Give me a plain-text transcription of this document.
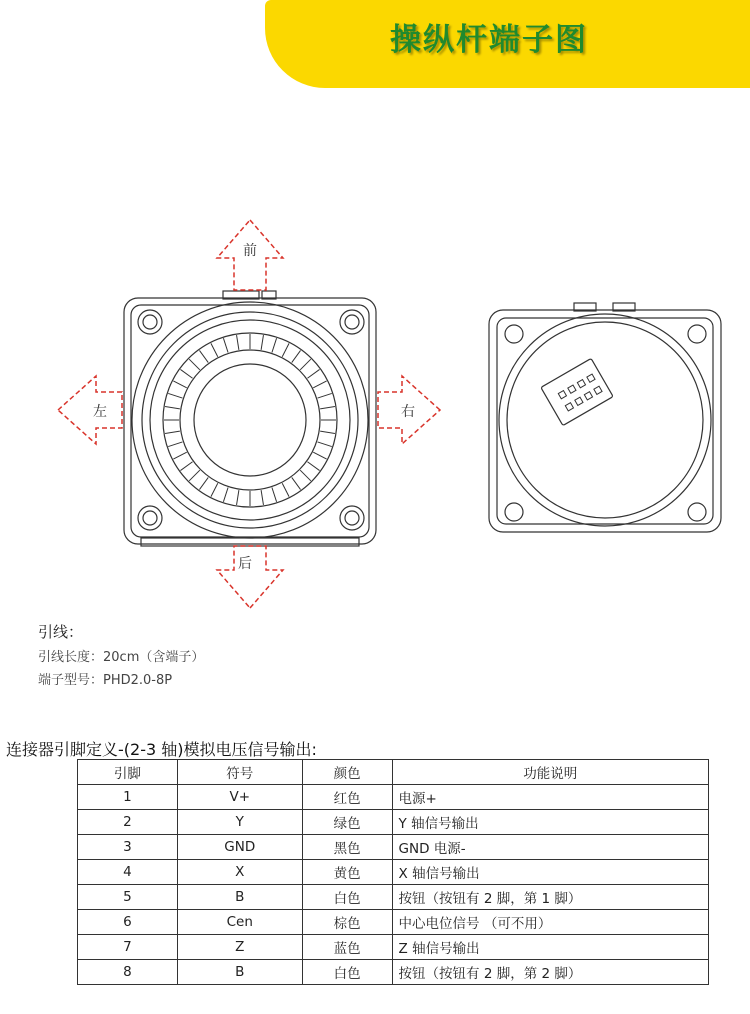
操纵杆端子图
前
左	右
后
引线：
引线长度：20cm（含端子）
端子型号：PHD2.0-8P
连接器引脚定义-(2-3 轴)模拟电压信号输出:
引脚	符号	颜色	功能说明
1	V+	红色	电源+
2	Y	绿色	Y 轴信号输出
3	GND	黑色	GND 电源-
4	X	黄色	X 轴信号输出
5	B	白色	按钮（按钮有 2 脚，第 1 脚）
6	Cen	棕色	中心电位信号 （可不用）
7	Z	蓝色	Z 轴信号输出
8	B	白色	按钮（按钮有 2 脚，第 2 脚）
